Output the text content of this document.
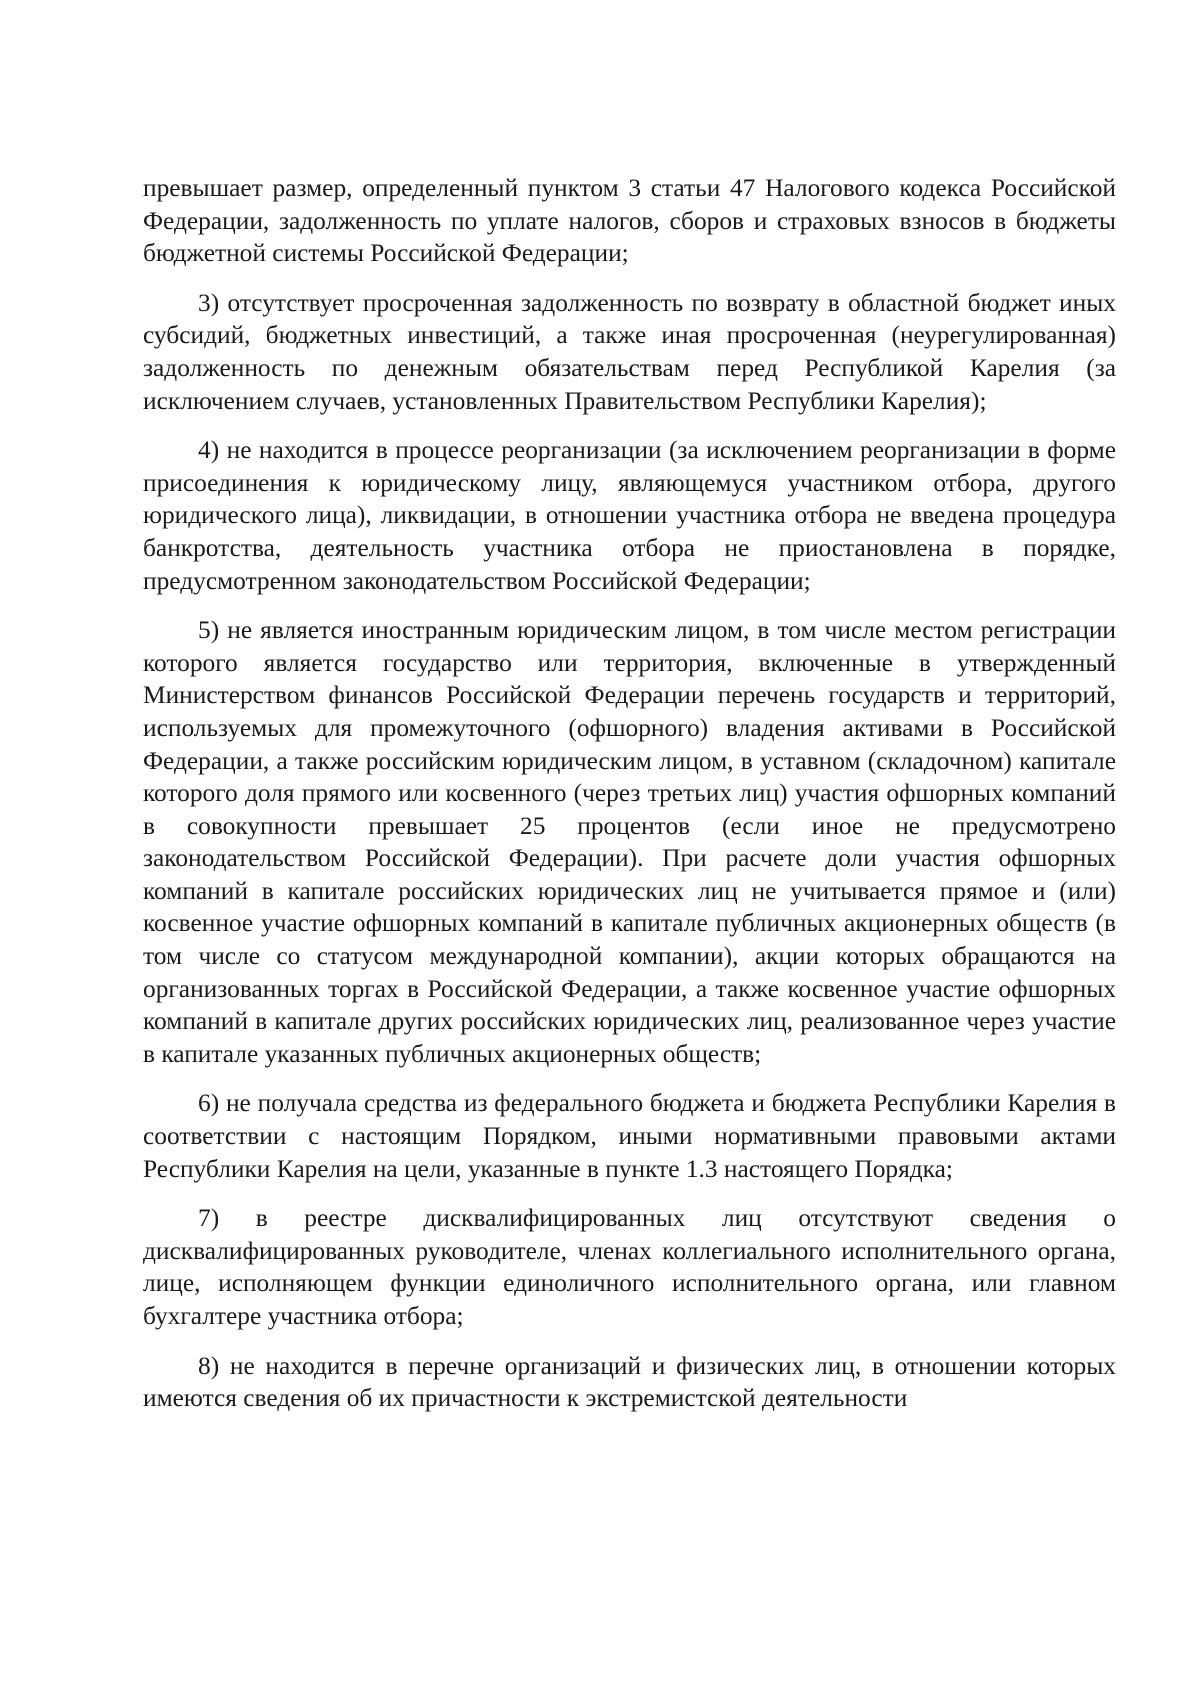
превышает размер, определенный пунктом 3 статьи 47 Налогового кодекса Российской Федерации, задолженность по уплате налогов, сборов и страховых взносов в бюджеты бюджетной системы Российской Федерации;

3) отсутствует просроченная задолженность по возврату в областной бюджет иных субсидий, бюджетных инвестиций, а также иная просроченная (неурегулированная) задолженность по денежным обязательствам перед Республикой Карелия (за исключением случаев, установленных Правительством Республики Карелия);

4) не находится в процессе реорганизации (за исключением реорганизации в форме присоединения к юридическому лицу, являющемуся участником отбора, другого юридического лица), ликвидации, в отношении участника отбора не введена процедура банкротства, деятельность участника отбора не приостановлена в порядке, предусмотренном законодательством Российской Федерации;

5) не является иностранным юридическим лицом, в том числе местом регистрации которого является государство или территория, включенные в утвержденный Министерством финансов Российской Федерации перечень государств и территорий, используемых для промежуточного (офшорного) владения активами в Российской Федерации, а также российским юридическим лицом, в уставном (складочном) капитале которого доля прямого или косвенного (через третьих лиц) участия офшорных компаний в совокупности превышает 25 процентов (если иное не предусмотрено законодательством Российской Федерации). При расчете доли участия офшорных компаний в капитале российских юридических лиц не учитывается прямое и (или) косвенное участие офшорных компаний в капитале публичных акционерных обществ (в том числе со статусом международной компании), акции которых обращаются на организованных торгах в Российской Федерации, а также косвенное участие офшорных компаний в капитале других российских юридических лиц, реализованное через участие в капитале указанных публичных акционерных обществ;

6) не получала средства из федерального бюджета и бюджета Республики Карелия в соответствии с настоящим Порядком, иными нормативными правовыми актами Республики Карелия на цели, указанные в пункте 1.3 настоящего Порядка;

7) в реестре дисквалифицированных лиц отсутствуют сведения о дисквалифицированных руководителе, членах коллегиального исполнительного органа, лице, исполняющем функции единоличного исполнительного органа, или главном бухгалтере участника отбора;

8) не находится в перечне организаций и физических лиц, в отношении которых имеются сведения об их причастности к экстремистской деятельности
